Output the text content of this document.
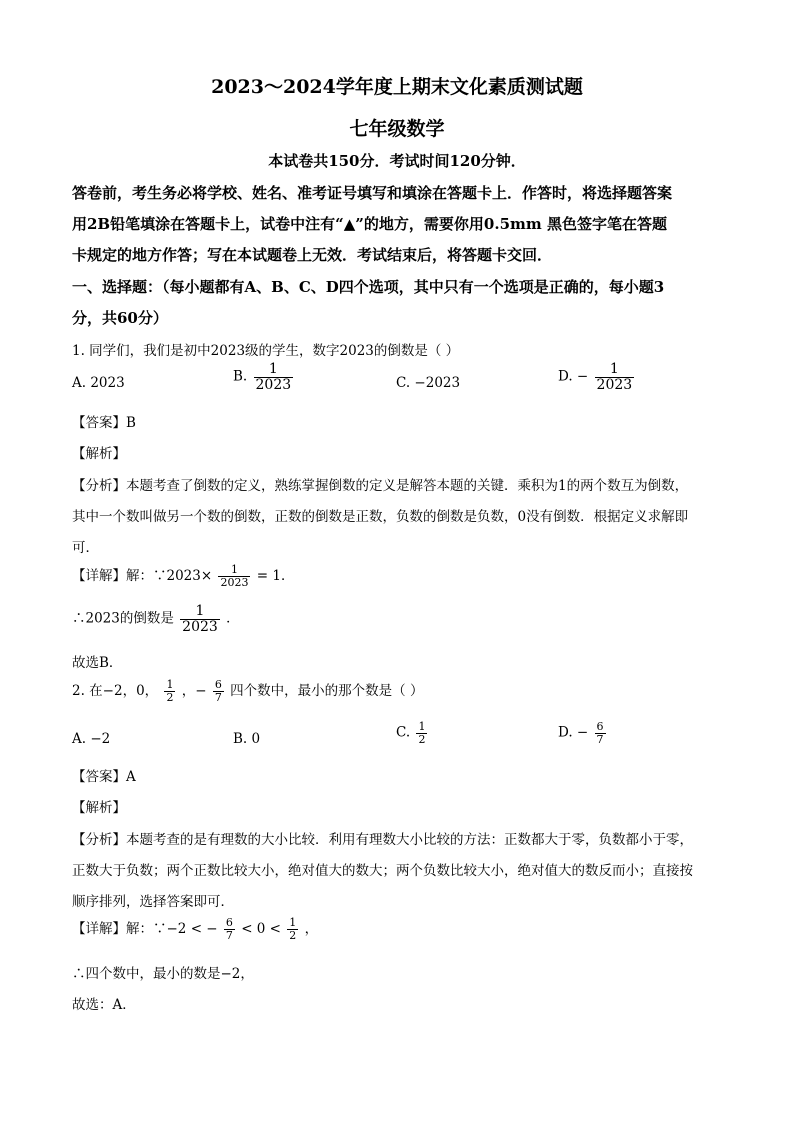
2023～2024学年度上期末文化素质测试题
七年级数学
本试卷共150分．考试时间120分钟．
答卷前，考生务必将学校、姓名、准考证号填写和填涂在答题卡上．作答时，将选择题答案
用2B铅笔填涂在答题卡上，试卷中注有“▲”的地方，需要你用0.5mm 黑色签字笔在答题
卡规定的地方作答；写在本试题卷上无效．考试结束后，将答题卡交回．
一、选择题：（每小题都有A、B、C、D四个选项，其中只有一个选项是正确的，每小题3
分，共60分）
1. 同学们，我们是初中2023级的学生，数字2023的倒数是（ ）
A. 2023	B. $\frac{1}{2023}$	C. −2023	D. − $\frac{1}{2023}$
【答案】B
【解析】
【分析】本题考查了倒数的定义，熟练掌握倒数的定义是解答本题的关键．乘积为1的两个数互为倒数，
其中一个数叫做另一个数的倒数，正数的倒数是正数，负数的倒数是负数，0没有倒数．根据定义求解即
可．
【详解】解：∵2023× $\frac{1}{2023} = 1$．
∴2023的倒数是 $\frac{1}{2023}$ ．
故选B．
2. 在−2，0， $\frac{1}{2}$ ，− $\frac{6}{7}$ 四个数中，最小的那个数是（ ）
A. −2	B. 0	C. $\frac{1}{2}$	D. − $\frac{6}{7}$
【答案】A
【解析】
【分析】本题考查的是有理数的大小比较．利用有理数大小比较的方法：正数都大于零，负数都小于零，
正数大于负数；两个正数比较大小，绝对值大的数大；两个负数比较大小，绝对值大的数反而小；直接按
顺序排列，选择答案即可．
【详解】解：∵−2 < − $\frac{6}{7} < 0 < \frac{1}{2}$ ，
∴四个数中，最小的数是−2，
故选：A．
